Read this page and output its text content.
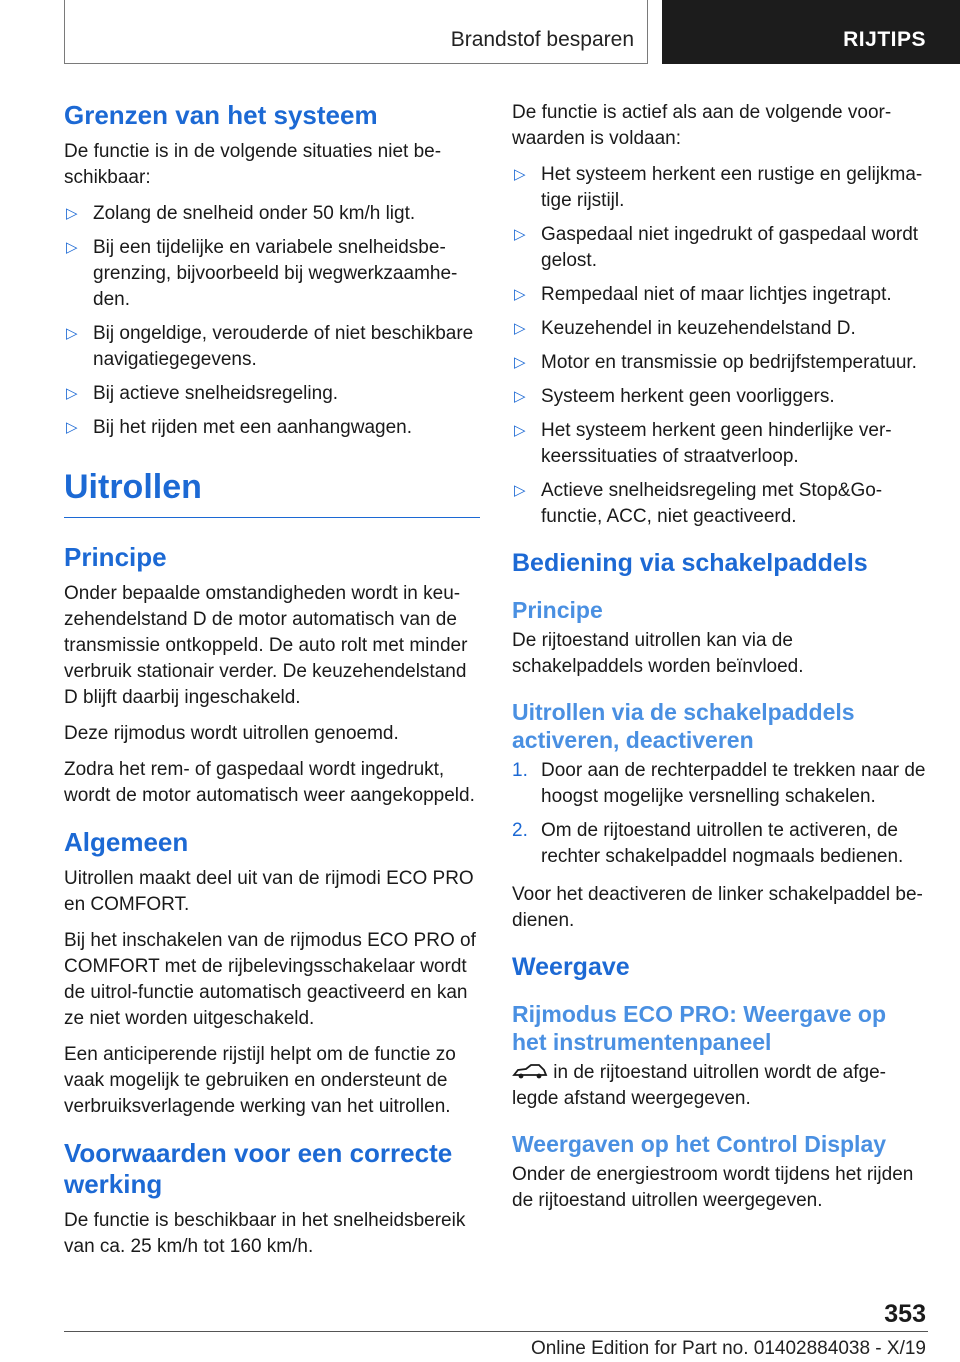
Brandstof besparen	RIJTIPS
Grenzen van het systeem

De functie is in de volgende situaties niet be-schikbaar:

▷ Zolang de snelheid onder 50 km/h ligt.
▷ Bij een tijdelijke en variabele snelheidsbe-grenzing, bijvoorbeeld bij wegwerkzaamhe-den.
▷ Bij ongeldige, verouderde of niet beschikbare navigatiegegevens.
▷ Bij actieve snelheidsregeling.
▷ Bij het rijden met een aanhangwagen.
Uitrollen
Principe

Onder bepaalde omstandigheden wordt in keu-zehendelstand D de motor automatisch van de transmissie ontkoppeld. De auto rolt met minder verbruik stationair verder. De keuzehendelstand D blijft daarbij ingeschakeld.

Deze rijmodus wordt uitrollen genoemd.

Zodra het rem- of gaspedaal wordt ingedrukt, wordt de motor automatisch weer aangekoppeld.

Algemeen

Uitrollen maakt deel uit van de rijmodi ECO PRO en COMFORT.

Bij het inschakelen van de rijmodus ECO PRO of COMFORT met de rijbelevingsschakelaar wordt de uitrol-functie automatisch geactiveerd en kan ze niet worden uitgeschakeld.

Een anticiperende rijstijl helpt om de functie zo vaak mogelijk te gebruiken en ondersteunt de verbruiksverlagende werking van het uitrollen.

Voorwaarden voor een correcte werking

De functie is beschikbaar in het snelheidsbereik van ca. 25 km/h tot 160 km/h.

De functie is actief als aan de volgende voor-waarden is voldaan:

▷ Het systeem herkent een rustige en gelijkma-tige rijstijl.
▷ Gaspedaal niet ingedrukt of gaspedaal wordt gelost.
▷ Rempedaal niet of maar lichtjes ingetrapt.
▷ Keuzehendel in keuzehendelstand D.
▷ Motor en transmissie op bedrijfstemperatuur.
▷ Systeem herkent geen voorliggers.
▷ Het systeem herkent geen hinderlijke ver-keerssituaties of straatverloop.
▷ Actieve snelheidsregeling met Stop&Go-functie, ACC, niet geactiveerd.
Bediening via schakelpaddels
Principe

De rijtoestand uitrollen kan via de schakelpaddels worden beïnvloed.

Uitrollen via de schakelpaddels activeren, deactiveren
1. Door aan de rechterpaddel te trekken naar de hoogst mogelijke versnelling schakelen.
2. Om de rijtoestand uitrollen te activeren, de rechter schakelpaddel nogmaals bedienen.

Voor het deactiveren de linker schakelpaddel be-dienen.

Weergave
Rijmodus ECO PRO: Weergave op het instrumentenpaneel

in de rijtoestand uitrollen wordt de afge-legde afstand weergegeven.

Weergaven op het Control Display

Onder de energiestroom wordt tijdens het rijden de rijtoestand uitrollen weergegeven.

353
Online Edition for Part no. 01402884038 - X/19
